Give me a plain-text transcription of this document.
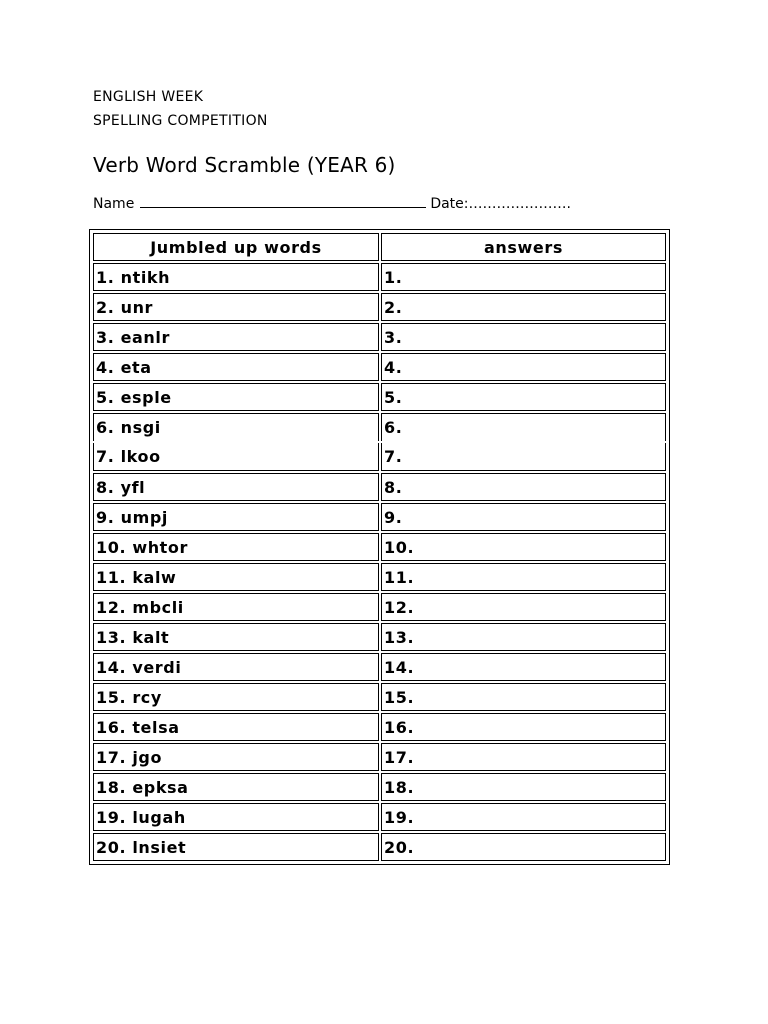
ENGLISH WEEK
SPELLING COMPETITION
Verb Word Scramble (YEAR 6)
Name	Date:………………….
Jumbled up words	answers
1. ntikh	1.
2. unr	2.
3. eanlr	3.
4. eta	4.
5. esple	5.
6. nsgi	6.
7. lkoo	7.
8. yfl	8.
9. umpj	9.
10. whtor	10.
11. kalw	11.
12. mbcli	12.
13. kalt	13.
14. verdi	14.
15. rcy	15.
16. telsa	16.
17. jgo	17.
18. epksa	18.
19. lugah	19.
20. lnsiet	20.
